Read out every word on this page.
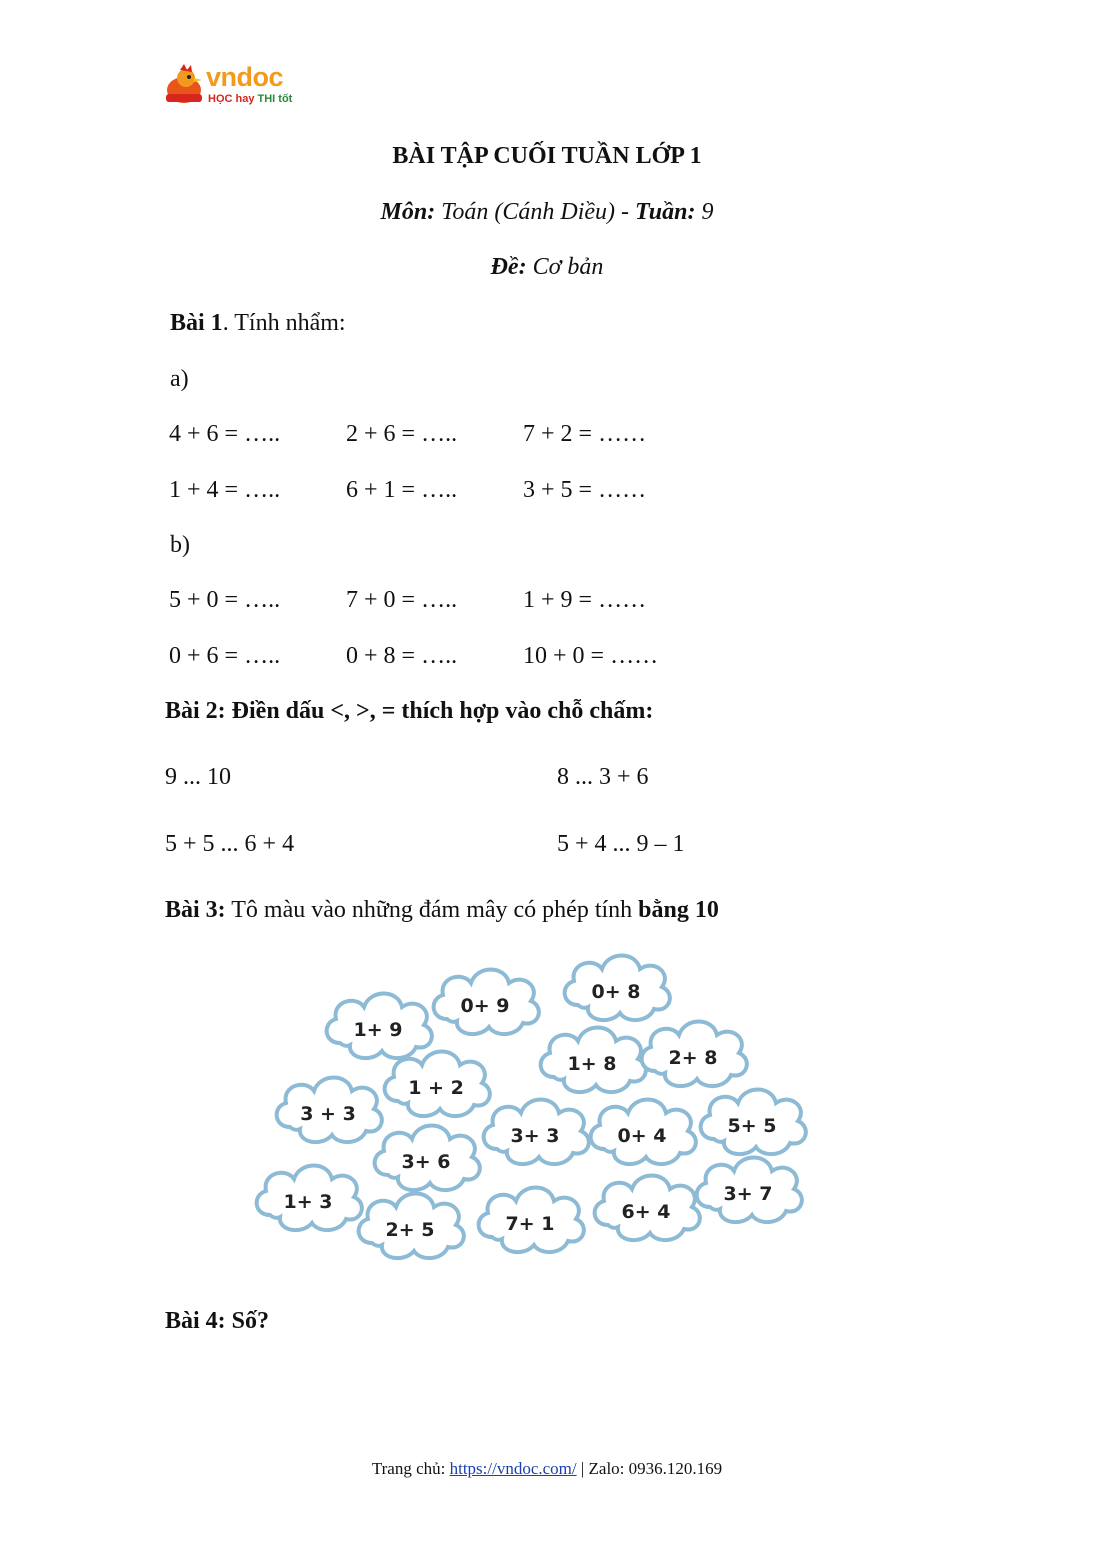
vndoc
HỌC hay THI tốt
BÀI TẬP CUỐI TUẦN LỚP 1
Môn: Toán (Cánh Diều) - Tuần: 9
Đề: Cơ bản
Bài 1. Tính nhẩm:
a)
4 + 6 = …..	2 + 6 = …..	7 + 2 = ……
1 + 4 = …..	6 + 1 = …..	3 + 5 = ……
b)
5 + 0 = …..	7 + 0 = …..	1 + 9 = ……
0 + 6 = …..	0 + 8 = …..	10 + 0 = ……
Bài 2: Điền dấu <, >, = thích hợp vào chỗ chấm:
9 ... 10	8 ... 3 + 6
5 + 5 ... 6 + 4	5 + 4 ... 9 – 1
Bài 3: Tô màu vào những đám mây có phép tính bằng 10
0+ 9
0+ 8
1+ 9
1+ 8	2+ 8
1 + 2
3 + 3
3+ 3	0+ 4	5+ 5
3+ 6
1+ 3	3+ 7
2+ 5	7+ 1
6+ 4
Bài 4: Số?
Trang chủ: https://vndoc.com/ | Zalo: 0936.120.169
